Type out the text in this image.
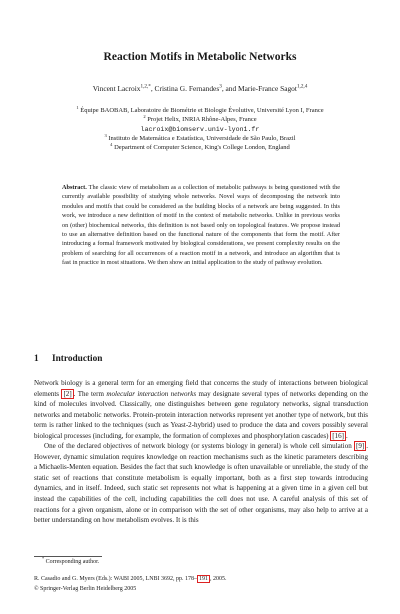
Reaction Motifs in Metabolic Networks
Vincent Lacroix$^{1,2,*}$, Cristina G. Fernandes$^3$, and Marie-France Sagot$^{1,2,4}$
$^1$ Équipe BAOBAB, Laboratoire de Biométrie et Biologie Évolutive, Université Lyon I, France
$^2$ Projet Helix, INRIA Rhône-Alpes, France
lacroix@biomserv.univ-lyon1.fr
$^3$ Instituto de Matemática e Estatística, Universidade de São Paulo, Brazil
$^4$ Department of Computer Science, King's College London, England
Abstract. The classic view of metabolism as a collection of metabolic pathways is being questioned with the currently available possibility of studying whole networks. Novel ways of decomposing the network into modules and motifs that could be considered as the building blocks of a network are being suggested. In this work, we introduce a new definition of motif in the context of metabolic networks. Unlike in previous works on (other) biochemical networks, this definition is not based only on topological features. We propose instead to use an alternative definition based on the functional nature of the components that form the motif. After introducing a formal framework motivated by biological considerations, we present complexity results on the problem of searching for all occurrences of a reaction motif in a network, and introduce an algorithm that is fast in practice in most situations. We then show an initial application to the study of pathway evolution.
1 Introduction

Network biology is a general term for an emerging field that concerns the study of interactions between biological elements [2] . The term molecular interaction networks may designate several types of networks depending on the kind of molecules involved. Classically, one distinguishes between gene regulatory networks, signal transduction networks and metabolic networks. Protein-protein interaction networks represent yet another type of network, but this term is rather linked to the techniques (such as Yeast-2-hybrid) used to produce the data and covers possibly several biological processes (including, for example, the formation of complexes and phosphorylation cascades) [16] .

One of the declared objectives of network biology (or systems biology in general) is whole cell simulation [9] . However, dynamic simulation requires knowledge on reaction mechanisms such as the kinetic parameters describing a Michaelis-Menten equation. Besides the fact that such knowledge is often unavailable or unreliable, the study of the static set of reactions that constitute metabolism is equally important, both as a first step towards introducing dynamics, and in itself. Indeed, such static set represents not what is happening at a given time in a given cell but instead the capabilities of the cell, including capabilities the cell does not use. A careful analysis of this set of reactions for a given organism, alone or in comparison with the set of other organisms, may also help to arrive at a better understanding on how metabolism evolves. It is this

* Corresponding author.
R. Casadio and G. Myers (Eds.): WABI 2005, LNBI 3692, pp. 178– 191 , 2005.
© Springer-Verlag Berlin Heidelberg 2005
